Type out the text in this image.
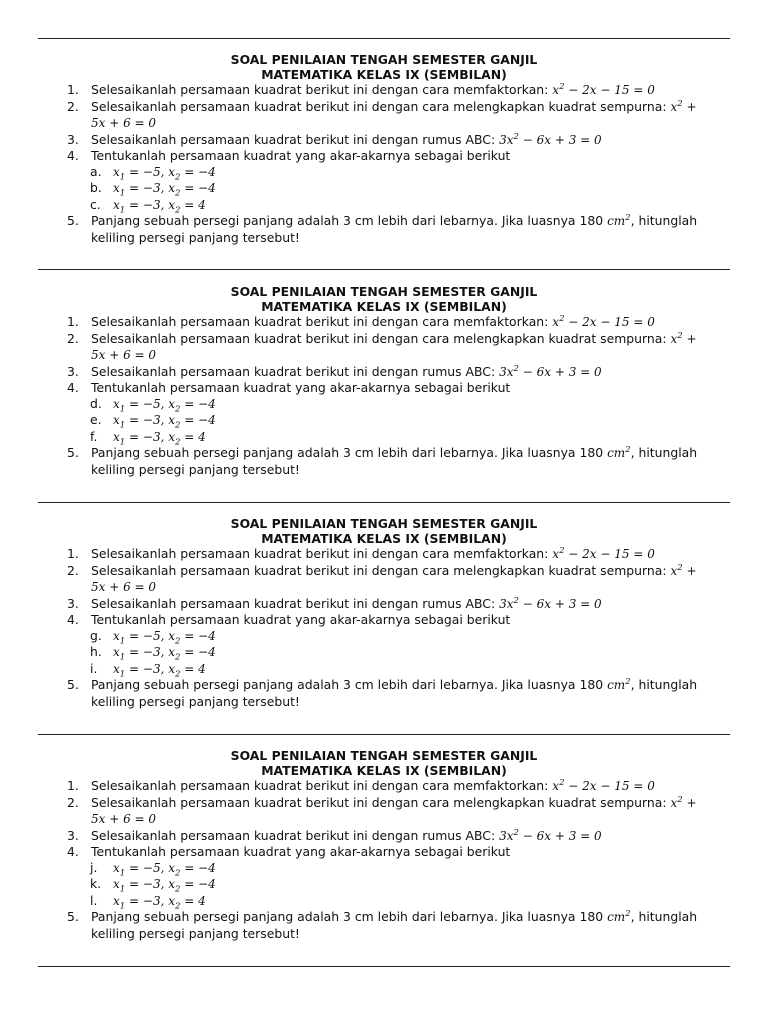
SOAL PENILAIAN TENGAH SEMESTER GANJIL
MATEMATIKA KELAS IX (SEMBILAN)
1. Selesaikanlah persamaan kuadrat berikut ini dengan cara memfaktorkan: $x^2 - 2x - 15 = 0$
2. Selesaikanlah persamaan kuadrat berikut ini dengan cara melengkapkan kuadrat sempurna: $x^2$ +
5x + 6 = 0
3. Selesaikanlah persamaan kuadrat berikut ini dengan rumus ABC: $3x^2 - 6x + 3 = 0$
4. Tentukanlah persamaan kuadrat yang akar-akarnya sebagai berikut
a. $x_1 = -5$, $x_2 = -4$
b. $x_1 = -3$, $x_2 = -4$
c. $x_1 = -3$, $x_2 = 4$
5. Panjang sebuah persegi panjang adalah 3 cm lebih dari lebarnya. Jika luasnya 180 $cm^2$, hitunglah
keliling persegi panjang tersebut!
SOAL PENILAIAN TENGAH SEMESTER GANJIL
MATEMATIKA KELAS IX (SEMBILAN)
1. Selesaikanlah persamaan kuadrat berikut ini dengan cara memfaktorkan: $x^2 - 2x - 15 = 0$
2. Selesaikanlah persamaan kuadrat berikut ini dengan cara melengkapkan kuadrat sempurna: $x^2$ +
5x + 6 = 0
3. Selesaikanlah persamaan kuadrat berikut ini dengan rumus ABC: $3x^2 - 6x + 3 = 0$
4. Tentukanlah persamaan kuadrat yang akar-akarnya sebagai berikut
d. $x_1 = -5$, $x_2 = -4$
e. $x_1 = -3$, $x_2 = -4$
f. $x_1 = -3$, $x_2 = 4$
5. Panjang sebuah persegi panjang adalah 3 cm lebih dari lebarnya. Jika luasnya 180 $cm^2$, hitunglah
keliling persegi panjang tersebut!
SOAL PENILAIAN TENGAH SEMESTER GANJIL
MATEMATIKA KELAS IX (SEMBILAN)
1. Selesaikanlah persamaan kuadrat berikut ini dengan cara memfaktorkan: $x^2 - 2x - 15 = 0$
2. Selesaikanlah persamaan kuadrat berikut ini dengan cara melengkapkan kuadrat sempurna: $x^2$ +
5x + 6 = 0
3. Selesaikanlah persamaan kuadrat berikut ini dengan rumus ABC: $3x^2 - 6x + 3 = 0$
4. Tentukanlah persamaan kuadrat yang akar-akarnya sebagai berikut
g. $x_1 = -5$, $x_2 = -4$
h. $x_1 = -3$, $x_2 = -4$
i. $x_1 = -3$, $x_2 = 4$
5. Panjang sebuah persegi panjang adalah 3 cm lebih dari lebarnya. Jika luasnya 180 $cm^2$, hitunglah
keliling persegi panjang tersebut!
SOAL PENILAIAN TENGAH SEMESTER GANJIL
MATEMATIKA KELAS IX (SEMBILAN)
1. Selesaikanlah persamaan kuadrat berikut ini dengan cara memfaktorkan: $x^2 - 2x - 15 = 0$
2. Selesaikanlah persamaan kuadrat berikut ini dengan cara melengkapkan kuadrat sempurna: $x^2$ +
5x + 6 = 0
3. Selesaikanlah persamaan kuadrat berikut ini dengan rumus ABC: $3x^2 - 6x + 3 = 0$
4. Tentukanlah persamaan kuadrat yang akar-akarnya sebagai berikut
j. $x_1 = -5$, $x_2 = -4$
k. $x_1 = -3$, $x_2 = -4$
l. $x_1 = -3$, $x_2 = 4$
5. Panjang sebuah persegi panjang adalah 3 cm lebih dari lebarnya. Jika luasnya 180 $cm^2$, hitunglah
keliling persegi panjang tersebut!
